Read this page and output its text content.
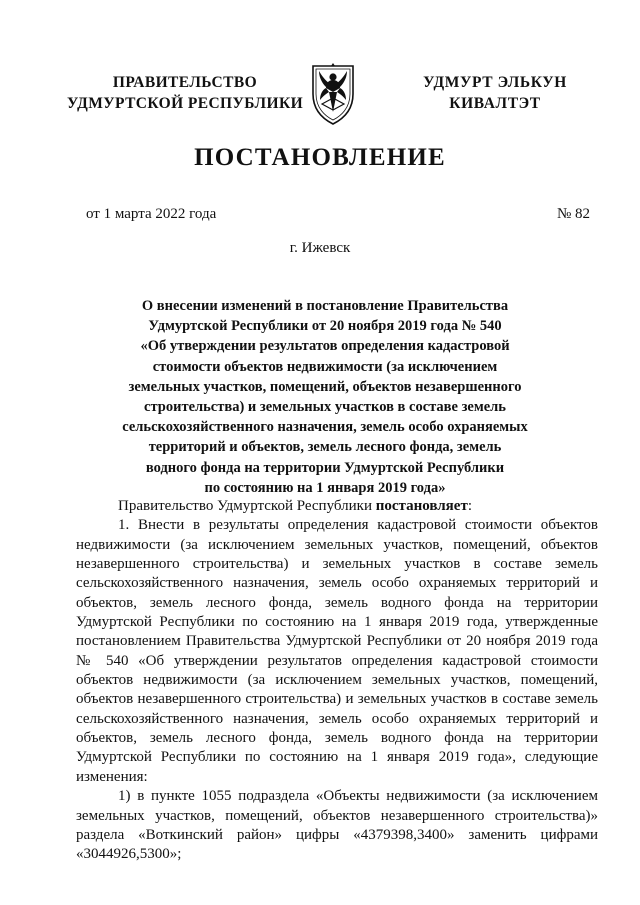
ПРАВИТЕЛЬСТВО
УДМУРТСКОЙ РЕСПУБЛИКИ
УДМУРТ ЭЛЬКУН
КИВАЛТЭТ
ПОСТАНОВЛЕНИЕ
от 1 марта 2022 года	№ 82
г. Ижевск
О внесении изменений в постановление Правительства
Удмуртской Республики от 20 ноября 2019 года № 540
«Об утверждении результатов определения кадастровой
стоимости объектов недвижимости (за исключением
земельных участков, помещений, объектов незавершенного
строительства) и земельных участков в составе земель
сельскохозяйственного назначения, земель особо охраняемых
территорий и объектов, земель лесного фонда, земель
водного фонда на территории Удмуртской Республики
по состоянию на 1 января 2019 года»

Правительство Удмуртской Республики постановляет:

1. Внести в результаты определения кадастровой стоимости объектов недвижимости (за исключением земельных участков, помещений, объектов незавершенного строительства) и земельных участков в составе земель сельскохозяйственного назначения, земель особо охраняемых территорий и объектов, земель лесного фонда, земель водного фонда на территории Удмуртской Республики по состоянию на 1 января 2019 года, утвержденные постановлением Правительства Удмуртской Республики от 20 ноября 2019 года № 540 «Об утверждении результатов определения кадастровой стоимости объектов недвижимости (за исключением земельных участков, помещений, объектов незавершенного строительства) и земельных участков в составе земель сельскохозяйственного назначения, земель особо охраняемых территорий и объектов, земель лесного фонда, земель водного фонда на территории Удмуртской Республики по состоянию на 1 января 2019 года», следующие изменения:

1) в пункте 1055 подраздела «Объекты недвижимости (за исключением земельных участков, помещений, объектов незавершенного строительства)» раздела «Воткинский район» цифры «4379398,3400» заменить цифрами «3044926,5300»;
